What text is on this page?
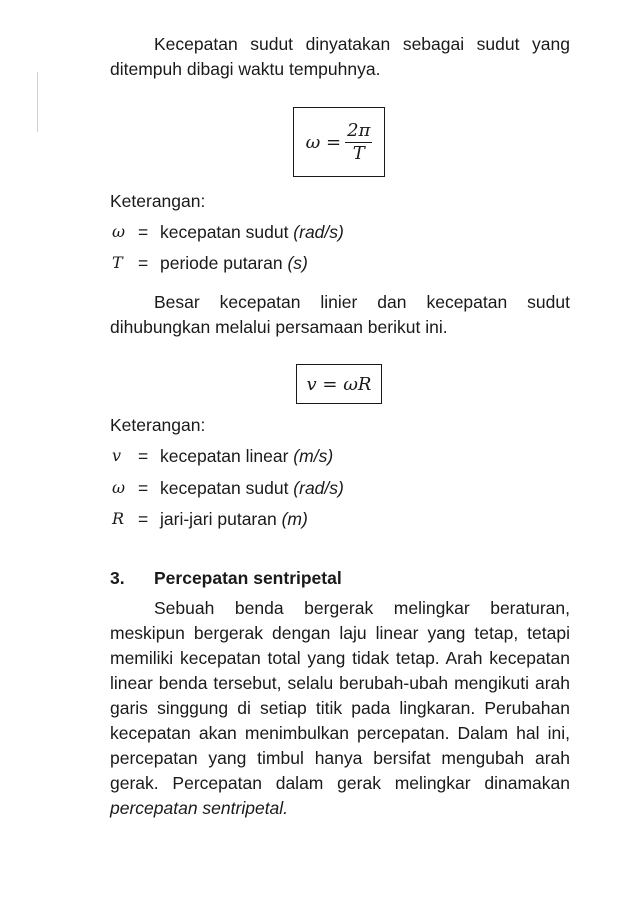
Kecepatan sudut dinyatakan sebagai sudut yang ditempuh dibagi waktu tempuhnya.

$\omega = \frac{2\pi}{T}$
Keterangan:
ω = kecepatan sudut (rad/s)
T = periode putaran (s)

Besar kecepatan linier dan kecepatan sudut dihubungkan melalui persamaan berikut ini.

v = ωR
Keterangan:
v = kecepatan linear (m/s)
ω = kecepatan sudut (rad/s)
R = jari-jari putaran (m)
3. Percepatan sentripetal

Sebuah benda bergerak melingkar beraturan, meskipun bergerak dengan laju linear yang tetap, tetapi memiliki kecepatan total yang tidak tetap. Arah kecepatan linear benda tersebut, selalu berubah-ubah mengikuti arah garis singgung di setiap titik pada lingkaran. Perubahan kecepatan akan menimbulkan percepatan. Dalam hal ini, percepatan yang timbul hanya bersifat mengubah arah gerak. Percepatan dalam gerak melingkar dinamakan percepatan sentripetal.
